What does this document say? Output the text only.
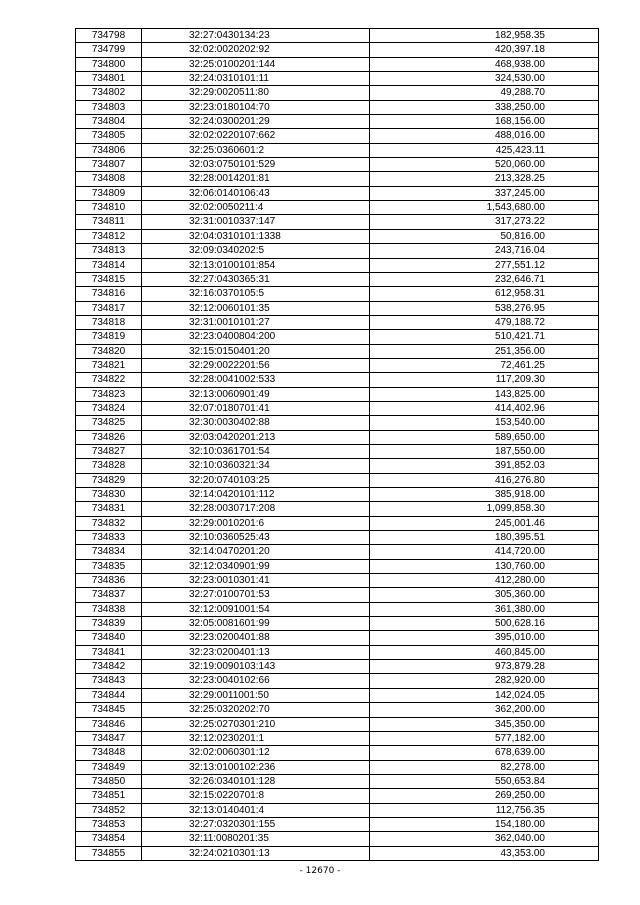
734798	32:27:0430134:23	182,958.35
734799	32:02:0020202:92	420,397.18
734800	32:25:0100201:144	468,938.00
734801	32:24:0310101:11	324,530.00
734802	32:29:0020511:80	49,288.70
734803	32:23:0180104:70	338,250.00
734804	32:24:0300201:29	168,156.00
734805	32:02:0220107:662	488,016.00
734806	32:25:0360601:2	425,423.11
734807	32:03:0750101:529	520,060.00
734808	32:28:0014201:81	213,328.25
734809	32:06:0140106:43	337,245.00
734810	32:02:0050211:4	1,543,680.00
734811	32:31:0010337:147	317,273.22
734812	32:04:0310101:1338	50,816.00
734813	32:09:0340202:5	243,716.04
734814	32:13:0100101:854	277,551.12
734815	32:27:0430365:31	232,646.71
734816	32:16:0370105:5	612,958.31
734817	32:12:0060101:35	538,276.95
734818	32:31:0010101:27	479,188.72
734819	32:23:0400804:200	510,421.71
734820	32:15:0150401:20	251,356.00
734821	32:29:0022201:56	72,461.25
734822	32:28:0041002:533	117,209.30
734823	32:13:0060901:49	143,825.00
734824	32:07:0180701:41	414,402.96
734825	32:30:0030402:88	153,540.00
734826	32:03:0420201:213	589,650.00
734827	32:10:0361701:54	187,550.00
734828	32:10:0360321:34	391,852.03
734829	32:20:0740103:25	416,276.80
734830	32:14:0420101:112	385,918.00
734831	32:28:0030717:208	1,099,858.30
734832	32:29:0010201:6	245,001.46
734833	32:10:0360525:43	180,395.51
734834	32:14:0470201:20	414,720.00
734835	32:12:0340901:99	130,760.00
734836	32:23:0010301:41	412,280.00
734837	32:27:0100701:53	305,360.00
734838	32:12:0091001:54	361,380.00
734839	32:05:0081601:99	500,628.16
734840	32:23:0200401:88	395,010.00
734841	32:23:0200401:13	460,845.00
734842	32:19:0090103:143	973,879.28
734843	32:23:0040102:66	282,920.00
734844	32:29:0011001:50	142,024.05
734845	32:25:0320202:70	362,200.00
734846	32:25:0270301:210	345,350.00
734847	32:12:0230201:1	577,182.00
734848	32:02:0060301:12	678,639.00
734849	32:13:0100102:236	82,278.00
734850	32:26:0340101:128	550,653.84
734851	32:15:0220701:8	269,250.00
734852	32:13:0140401:4	112,756.35
734853	32:27:0320301:155	154,180.00
734854	32:11:0080201:35	362,040.00
734855	32:24:0210301:13	43,353.00
- 12670 -
